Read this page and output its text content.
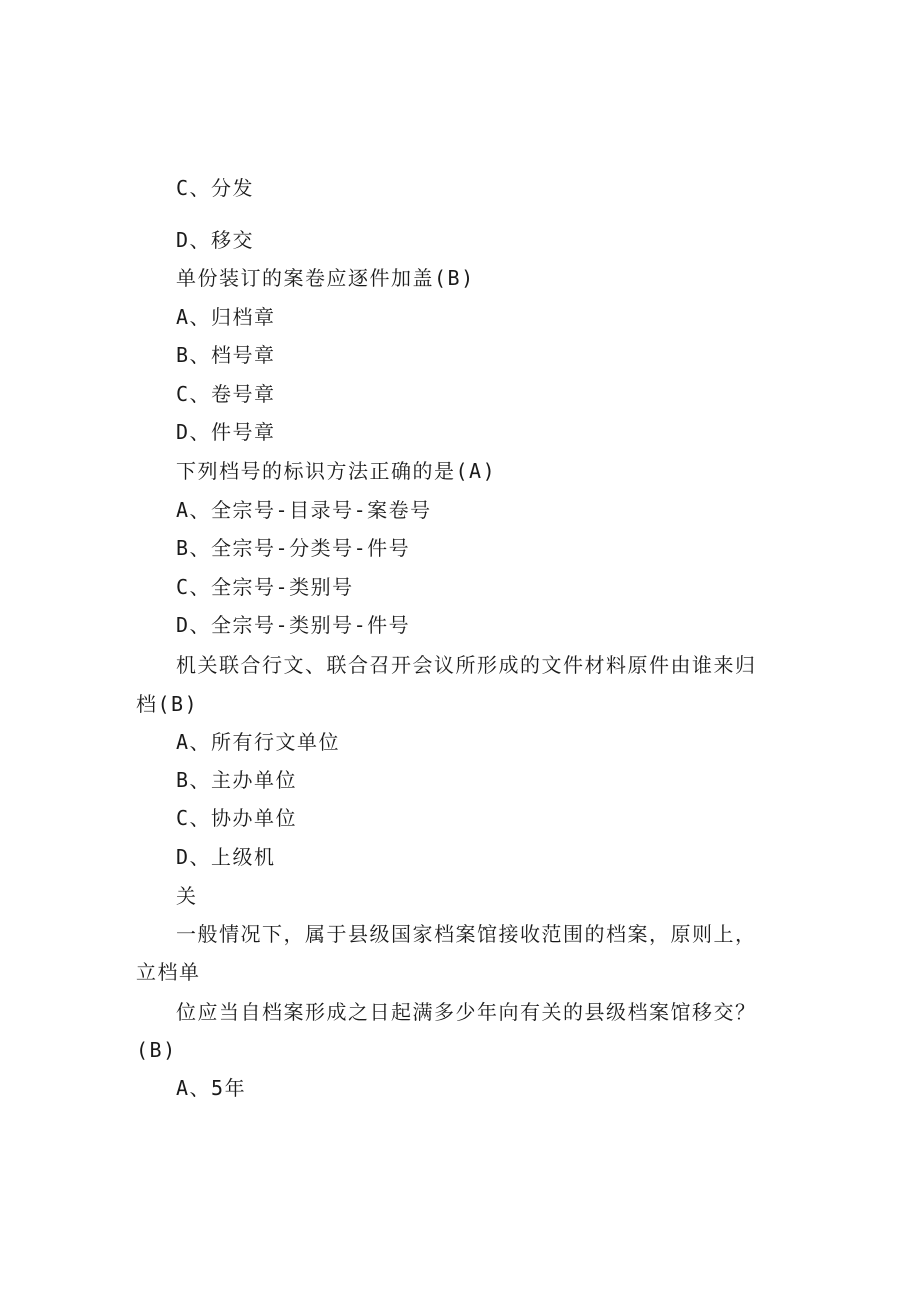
C、分发
D、移交
单份装订的案卷应逐件加盖(B)
A、归档章
B、档号章
C、卷号章
D、件号章
下列档号的标识方法正确的是(A)
A、全宗号-目录号-案卷号
B、全宗号-分类号-件号
C、全宗号-类别号
D、全宗号-类别号-件号
机关联合行文、联合召开会议所形成的文件材料原件由谁来归
档(B)
A、所有行文单位
B、主办单位
C、协办单位
D、上级机
关
一般情况下，属于县级国家档案馆接收范围的档案，原则上，
立档单
位应当自档案形成之日起满多少年向有关的县级档案馆移交？
(B)
A、5年
